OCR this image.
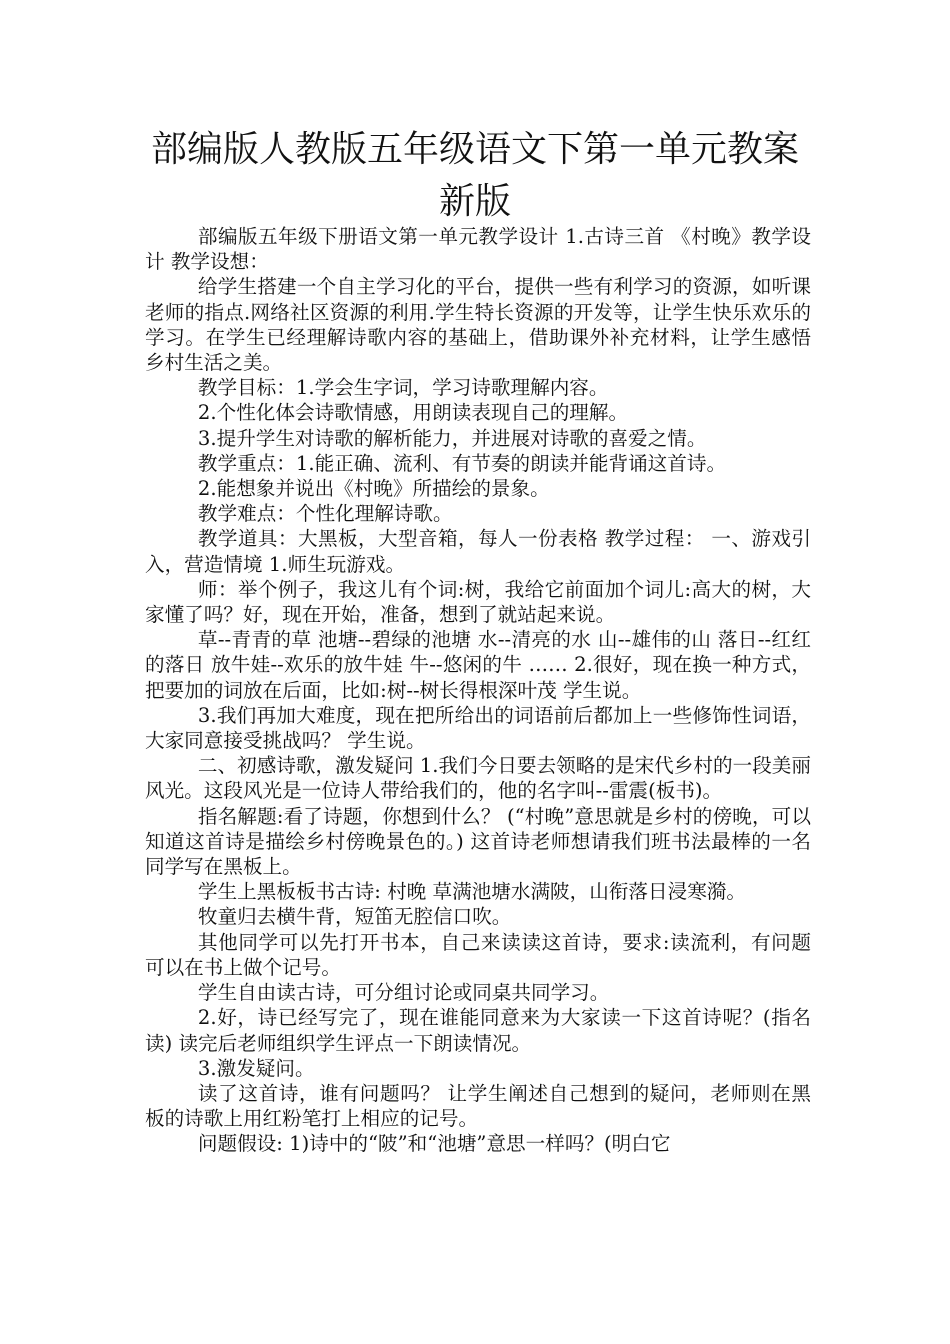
部编版人教版五年级语文下第一单元教案
新版

部编版五年级下册语文第一单元教学设计 1.古诗三首 《村晚》教学设计 教学设想：

给学生搭建一个自主学习化的平台，提供一些有利学习的资源，如听课老师的指点.网络社区资源的利用.学生特长资源的开发等，让学生快乐欢乐的学习。在学生已经理解诗歌内容的基础上，借助课外补充材料，让学生感悟乡村生活之美。

教学目标：1.学会生字词，学习诗歌理解内容。

2.个性化体会诗歌情感，用朗读表现自己的理解。

3.提升学生对诗歌的解析能力，并进展对诗歌的喜爱之情。

教学重点：1.能正确、流利、有节奏的朗读并能背诵这首诗。

2.能想象并说出《村晚》所描绘的景象。

教学难点：个性化理解诗歌。

教学道具：大黑板，大型音箱，每人一份表格 教学过程： 一、游戏引入，营造情境 1.师生玩游戏。

师：举个例子，我这儿有个词:树，我给它前面加个词儿:高大的树，大家懂了吗？好，现在开始，准备，想到了就站起来说。

草--青青的草 池塘--碧绿的池塘 水--清亮的水 山--雄伟的山 落日--红红的落日 放牛娃--欢乐的放牛娃 牛--悠闲的牛 …… 2.很好，现在换一种方式，把要加的词放在后面，比如:树--树长得根深叶茂 学生说。

3.我们再加大难度，现在把所给出的词语前后都加上一些修饰性词语，大家同意接受挑战吗？ 学生说。

二、初感诗歌，激发疑问 1.我们今日要去领略的是宋代乡村的一段美丽风光。这段风光是一位诗人带给我们的，他的名字叫--雷震(板书)。

指名解题:看了诗题，你想到什么？ (“村晚”意思就是乡村的傍晚，可以知道这首诗是描绘乡村傍晚景色的。) 这首诗老师想请我们班书法最棒的一名同学写在黑板上。

学生上黑板板书古诗: 村晚 草满池塘水满陂，山衔落日浸寒漪。

牧童归去横牛背，短笛无腔信口吹。

其他同学可以先打开书本，自己来读读这首诗，要求:读流利，有问题可以在书上做个记号。

学生自由读古诗，可分组讨论或同桌共同学习。

2.好，诗已经写完了，现在谁能同意来为大家读一下这首诗呢？(指名读) 读完后老师组织学生评点一下朗读情况。

3.激发疑问。

读了这首诗，谁有问题吗？ 让学生阐述自己想到的疑问，老师则在黑板的诗歌上用红粉笔打上相应的记号。

问题假设: 1)诗中的“陂”和“池塘”意思一样吗？(明白它
